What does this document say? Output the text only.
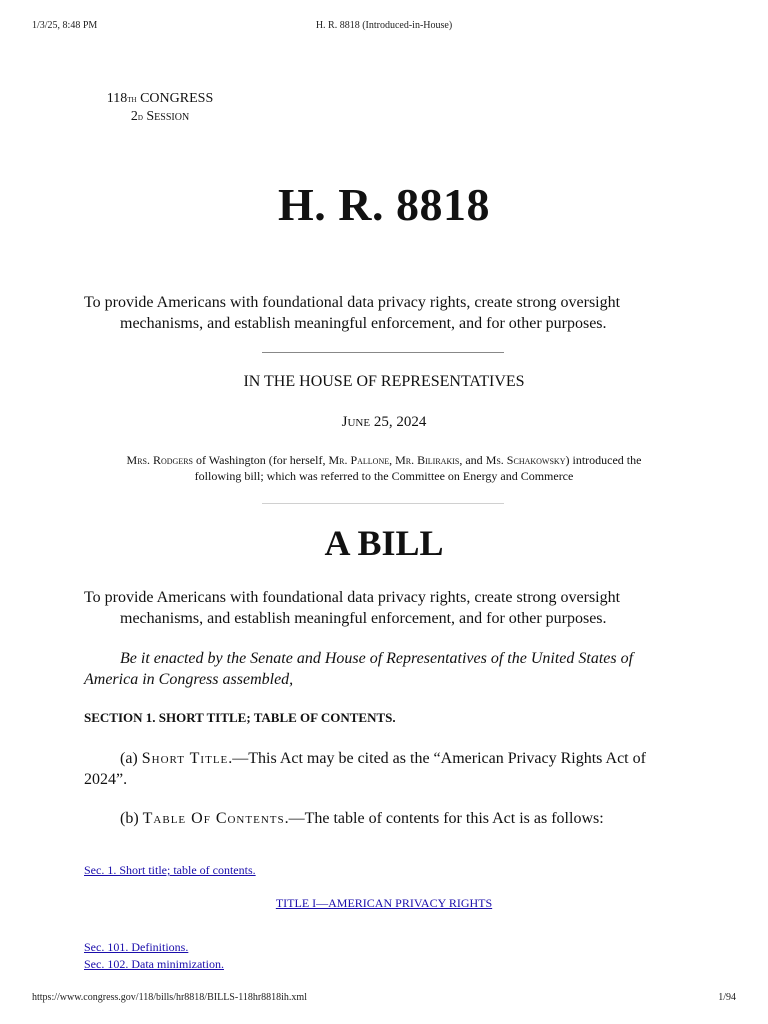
1/3/25, 8:48 PM	H. R. 8818 (Introduced-in-House)
118th CONGRESS
2d Session
H. R. 8818
To provide Americans with foundational data privacy rights, create strong oversight
mechanisms, and establish meaningful enforcement, and for other purposes.
IN THE HOUSE OF REPRESENTATIVES
June 25, 2024
Mrs. Rodgers of Washington (for herself, Mr. Pallone, Mr. Bilirakis, and Ms. Schakowsky) introduced the
following bill; which was referred to the Committee on Energy and Commerce
A BILL
To provide Americans with foundational data privacy rights, create strong oversight
mechanisms, and establish meaningful enforcement, and for other purposes.
Be it enacted by the Senate and House of Representatives of the United States of America in Congress assembled,
SECTION 1. SHORT TITLE; TABLE OF CONTENTS.
(a) Short Title.—This Act may be cited as the “American Privacy Rights Act of 2024”.
(b) Table Of Contents.—The table of contents for this Act is as follows:
Sec. 1. Short title; table of contents.
TITLE I—AMERICAN PRIVACY RIGHTS
Sec. 101. Definitions.
Sec. 102. Data minimization.
https://www.congress.gov/118/bills/hr8818/BILLS-118hr8818ih.xml	1/94
